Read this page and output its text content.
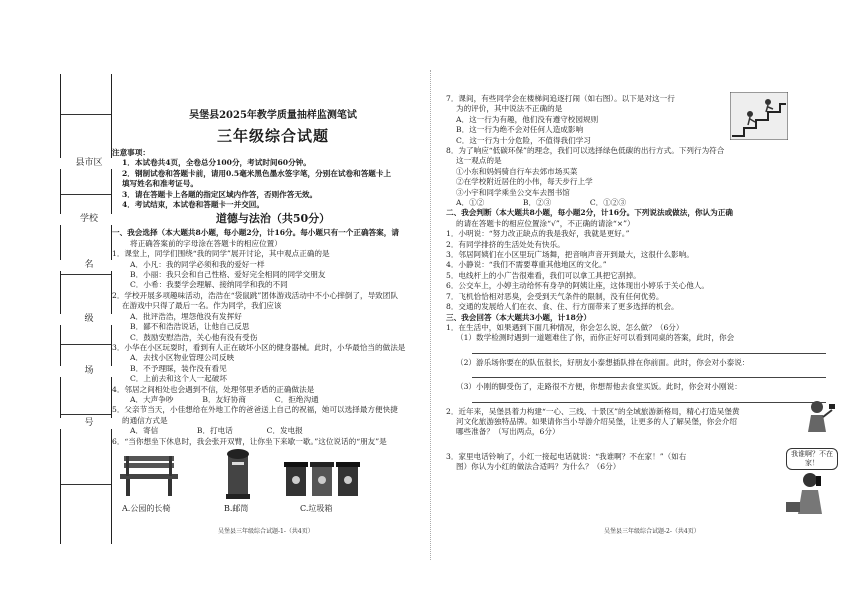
县市区
学校
名
级
场
号

吴堡县2025年教学质量抽样监测笔试

三年级综合试题

注意事项：

1．本试卷共4页，全卷总分100分，考试时间60分钟。

2．钢制试卷和答题卡前，请用0.5毫米黑色墨水签字笔，分别在试卷和答题卡上

填写姓名和准考证号。

3．请在答题卡上各题的指定区域内作答，否则作答无效。

4．考试结束，本试卷和答题卡一并交回。

道德与法治（共50分）

一、我会选择（本大题共8小题，每小题2分，计16分。每小题只有一个正确答案，请

将正确答案前的字母涂在答题卡的相应位置）

1．课堂上，同学们围绕“我的同学”展开讨论，其中观点正确的是

A．小凡：我的同学必须和我的爱好一样

B．小丽：我只会和自己性格、爱好完全相同的同学交朋友

C．小希：我要学会理解、接纳同学和我的不同

2．学校开展多项趣味活动，浩浩在“袋鼠跳”团体游戏活动中不小心摔倒了，导致团队

在游戏中只得了最后一名。作为同学，我们应该

A．批评浩浩，埋怨他没有发挥好

B．鄙不和浩浩说话，让他自己反思

C．鼓励安慰浩浩，关心他有没有受伤

3．小华在小区玩耍时，看到有人正在破坏小区的健身器械。此时，小华最恰当的做法是

A．去找小区物业管理公司反映

B．不予理睬，装作没有看见

C．上前去和这个人一起破坏

4．邻居之间相处也会遇到不信，处理邻里矛盾的正确做法是

A．大声争吵            B．友好协商            C．拒绝沟通

5．父亲节当天，小佳想给在外地工作的爸爸送上自己的祝福，她可以选择最方便快捷

的通信方式是

A．寄信                B．打电话              C．发电报

6．“当你想坐下休息时，我会张开双臂，让你坐下来歇一歇。”这位说话的“朋友”是

A.公园的长椅	B.邮筒	C.垃圾箱
吴堡县三年级综合试题-1-（共4页）

7．课间，有些同学会在楼梯间追逐打闹（如右图）。以下是对这一行

为的评价，其中说法不正确的是

A．这一行为有趣，他们没有遵守校园规则

B．这一行为绝不会对任何人造成影响

C．这一行为十分危险，不值得我们学习

8．为了响应“低碳环保”的理念，我们可以选择绿色低碳的出行方式。下列行为符合

这一观点的是

①小东和妈妈骑自行车去郊市场买菜

②在学校附近居住的小伟，每天步行上学

③小宇和同学乘坐公交车去图书馆

A．①②                B．②③                C．①②③

二、我会判断（本大题共8小题，每小题2分，计16分。下列说法或做法，你认为正确

的请在答题卡的相应位置涂“√”，不正确的请涂“×”）

1．小明说：“努力改正缺点的我是我好，我就是更好。”

2．有同学排挤的生活处处有快乐。

3．邻居阿姨们在小区里玩广场舞，把音响声音开到最大，这很什么影响。

4．小静说：“我们不需要尊重其他地区的文化。”

5．电线杆上的小广告很难看，我们可以拿工具把它刮掉。

6．公交车上，小婷主动给怀有身孕的阿姨让座，这体现出小婷乐于关心他人。

7．飞机恰恰相对恶臭，会受到天气条件的限制，没有任何优势。

8．交通的发展给人们在衣、食、住、行方面带来了更多选择的机会。

三、我会回答（本大题共3小题，计18分）

1．在生活中，如果遇到下面几种情况，你会怎么说、怎么做？（6分）

（1）数学检测时遇到一道题难住了你，而你正好可以看到同桌的答案，此时，你会

（2）游乐场你要在的队伍很长，好朋友小泰想插队排在你前面。此时，你会对小泰说：

（3）小刚的脚受伤了，走路很不方便，你想帮他去食堂买饭。此时，你会对小刚说：

2．近年来，吴堡县着力构建“一心、三线、十景区”的全域旅游新格局，精心打造吴堡黄

河文化旅游独特品牌。如果请你当小导游介绍吴堡，让更多的人了解吴堡，你会介绍

哪些准备？（写出两点，6分）

3．家里电话铃响了，小红一接起电话就说：“我谁啊？不在家！”（如右

图）你认为小红的做法合适吗？为什么？（6分）

我谁啊？不在家！
吴堡县三年级综合试题-2-（共4页）
